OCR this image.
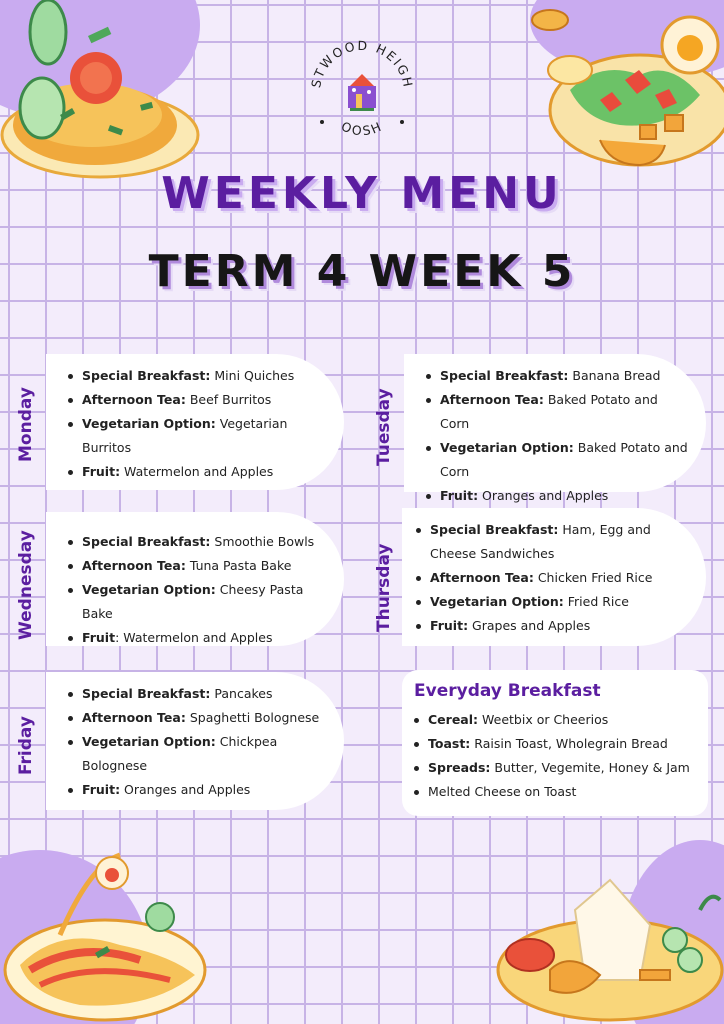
STWOOD HEIGH
OOSH
WEEKLY MENU
TERM 4 WEEK 5
Monday	Tuesday
Wednesday	Thursday
Friday
Special Breakfast: Mini Quiches
Afternoon Tea: Beef Burritos
Vegetarian Option: Vegetarian Burritos
Fruit: Watermelon and Apples
Special Breakfast: Banana Bread
Afternoon Tea: Baked Potato and Corn
Vegetarian Option: Baked Potato and Corn
Fruit: Oranges and Apples
Special Breakfast: Smoothie Bowls
Afternoon Tea: Tuna Pasta Bake
Vegetarian Option: Cheesy Pasta Bake
Fruit: Watermelon and Apples
Special Breakfast: Ham, Egg and Cheese Sandwiches
Afternoon Tea: Chicken Fried Rice
Vegetarian Option: Fried Rice
Fruit: Grapes and Apples
Special Breakfast: Pancakes
Afternoon Tea: Spaghetti Bolognese
Vegetarian Option: Chickpea Bolognese
Fruit: Oranges and Apples
Everyday Breakfast
Cereal: Weetbix or Cheerios
Toast: Raisin Toast, Wholegrain Bread
Spreads: Butter, Vegemite, Honey & Jam
Melted Cheese on Toast
